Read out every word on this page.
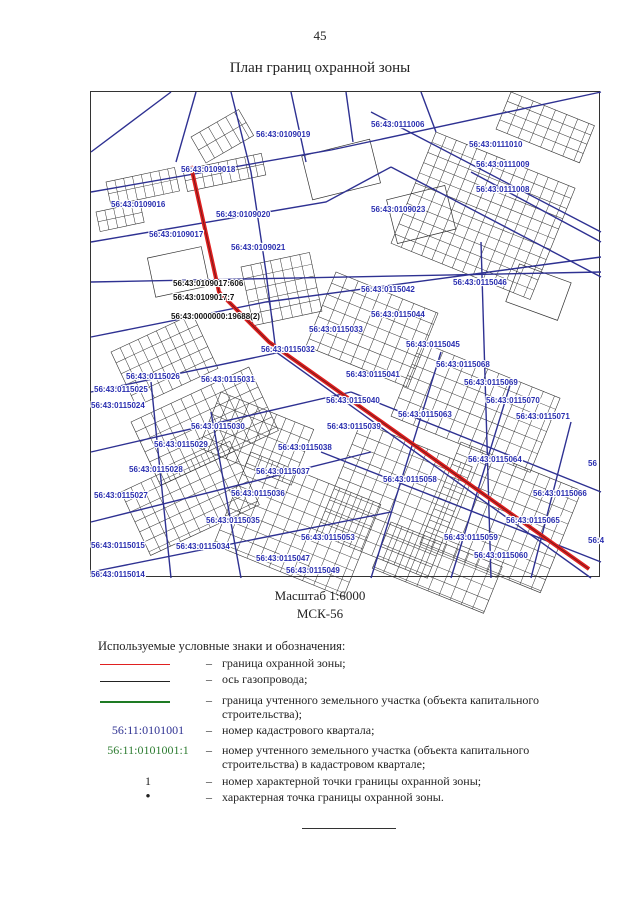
45
План границ охранной зоны
56:43:0109019
56:43:0111006
56:43:0111010
56:43:0111009
56:43:0111008
56:43:0109018
56:43:0109016
56:43:0109020
56:43:0109023
56:43:0109017
56:43:0109021
56:43:0109017:606
56:43:0109017:7
56:43:0000000:19688(2)
56:43:0115042
56:43:0115046
56:43:0115044
56:43:0115033
56:43:0115032
56:43:0115045
56:43:0115068
56:43:0115026	56:43:0115031
56:43:0115041
56:43:0115069
56:43:0115025
56:43:0115024
56:43:0115040	56:43:0115070
56:43:0115063	56:43:0115071
56:43:0115030	56:43:0115039
56:43:0115029	56:43:0115038
56:43:0115064
56:43:0115028	56:43:0115037
56:43:0115058
56:43:0115027	56:43:0115036	56:43:0115066
56:43:0115035	56:43:0115065
56:43:0115053	56:43:0115059
56:43:0115015	56:43:0115034
56:43:0115047	56:43:0115060
56:43:0115014	56:43:0115049
56
56:4
Масштаб 1:6000
МСК-56
Используемые условные знаки и обозначения:
– граница охранной зоны;
– ось газопровода;
– граница учтенного земельного участка (объекта капитального строительства);
56:11:0101001	– номер кадастрового квартала;
56:11:0101001:1	– номер учтенного земельного участка (объекта капитального строительства) в кадастровом квартале;
1	– номер характерной точки границы охранной зоны;
•	– характерная точка границы охранной зоны.
